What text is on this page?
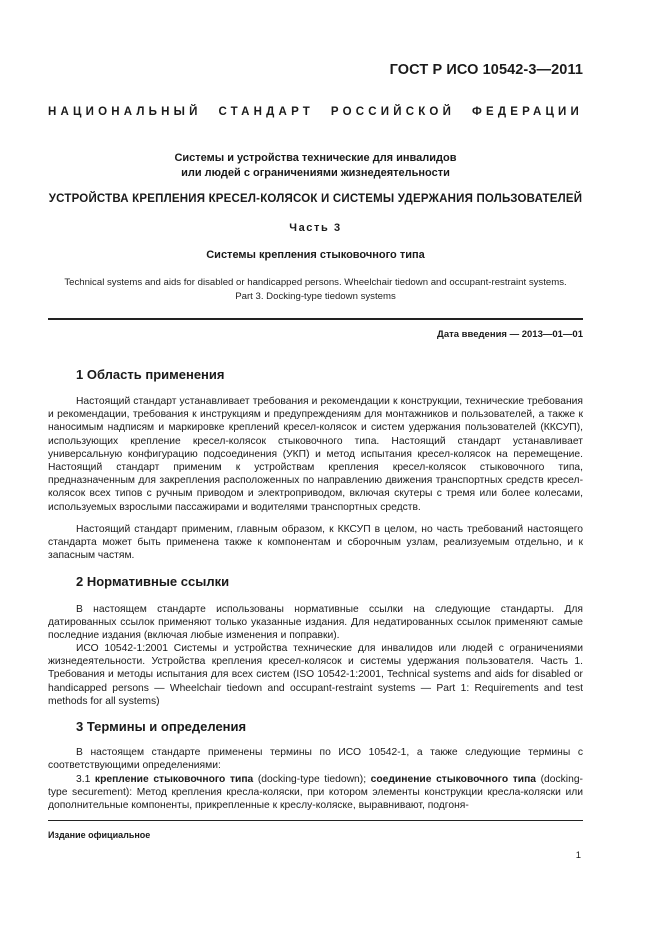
ГОСТ Р ИСО 10542-3—2011
НАЦИОНАЛЬНЫЙ СТАНДАРТ РОССИЙСКОЙ ФЕДЕРАЦИИ
Системы и устройства технические для инвалидов
или людей с ограничениями жизнедеятельности
УСТРОЙСТВА КРЕПЛЕНИЯ КРЕСЕЛ-КОЛЯСОК И СИСТЕМЫ УДЕРЖАНИЯ ПОЛЬЗОВАТЕЛЕЙ
Часть 3
Системы крепления стыковочного типа
Technical systems and aids for disabled or handicapped persons. Wheelchair tiedown and occupant-restraint systems.
Part 3. Docking-type tiedown systems
Дата введения — 2013—01—01
1 Область применения
Настоящий стандарт устанавливает требования и рекомендации к конструкции, технические требования и рекомендации, требования к инструкциям и предупреждениям для монтажников и пользователей, а также к наносимым надписям и маркировке креплений кресел-колясок и систем удержания пользователей (ККСУП), использующих крепление кресел-колясок стыковочного типа. Настоящий стандарт устанавливает универсальную конфигурацию подсоединения (УКП) и метод испытания кресел-колясок на перемещение. Настоящий стандарт применим к устройствам крепления кресел-колясок стыковочного типа, предназначенным для закрепления расположенных по направлению движения транспортных средств кресел-колясок всех типов с ручным приводом и электроприводом, включая скутеры с тремя или более колесами, используемых взрослыми пассажирами и водителями транспортных средств.
Настоящий стандарт применим, главным образом, к ККСУП в целом, но часть требований настоящего стандарта может быть применена также к компонентам и сборочным узлам, реализуемым отдельно, и к запасным частям.
2 Нормативные ссылки
В настоящем стандарте использованы нормативные ссылки на следующие стандарты. Для датированных ссылок применяют только указанные издания. Для недатированных ссылок применяют самые последние издания (включая любые изменения и поправки).
ИСО 10542-1:2001 Системы и устройства технические для инвалидов или людей с ограничениями жизнедеятельности. Устройства крепления кресел-колясок и системы удержания пользователя. Часть 1. Требования и методы испытания для всех систем (ISO 10542-1:2001, Technical systems and aids for disabled or handicapped persons — Wheelchair tiedown and occupant-restraint systems — Part 1: Requirements and test methods for all systems)
3 Термины и определения
В настоящем стандарте применены термины по ИСО 10542-1, а также следующие термины с соответствующими определениями:
3.1 крепление стыковочного типа (docking-type tiedown); соединение стыковочного типа (docking-type securement): Метод крепления кресла-коляски, при котором элементы конструкции кресла-коляски или дополнительные компоненты, прикрепленные к креслу-коляске, выравнивают, подгоня-
Издание официальное
1
